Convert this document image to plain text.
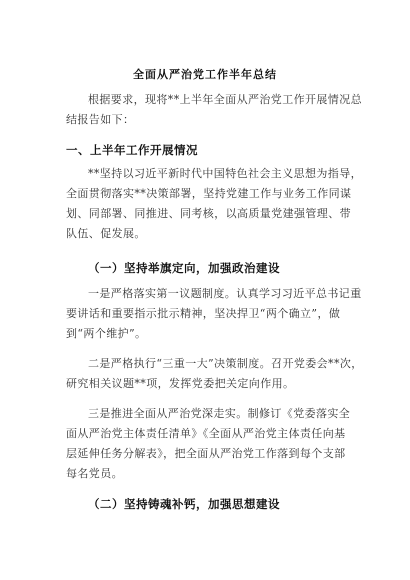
全面从严治党工作半年总结
根据要求，现将**上半年全面从严治党工作开展情况总
结报告如下：
一、上半年工作开展情况
**坚持以习近平新时代中国特色社会主义思想为指导，
全面贯彻落实**决策部署，坚持党建工作与业务工作同谋
划、同部署、同推进、同考核，以高质量党建强管理、带
队伍、促发展。
（一）坚持举旗定向，加强政治建设
一是严格落实第一议题制度。认真学习习近平总书记重
要讲话和重要指示批示精神，坚决捍卫“两个确立”，做
到“两个维护”。
二是严格执行“三重一大”决策制度。召开党委会**次，
研究相关议题**项，发挥党委把关定向作用。
三是推进全面从严治党深走实。制修订《党委落实全
面从严治党主体责任清单》《全面从严治党主体责任向基
层延伸任务分解表》，把全面从严治党工作落到每个支部
每名党员。
（二）坚持铸魂补钙，加强思想建设
